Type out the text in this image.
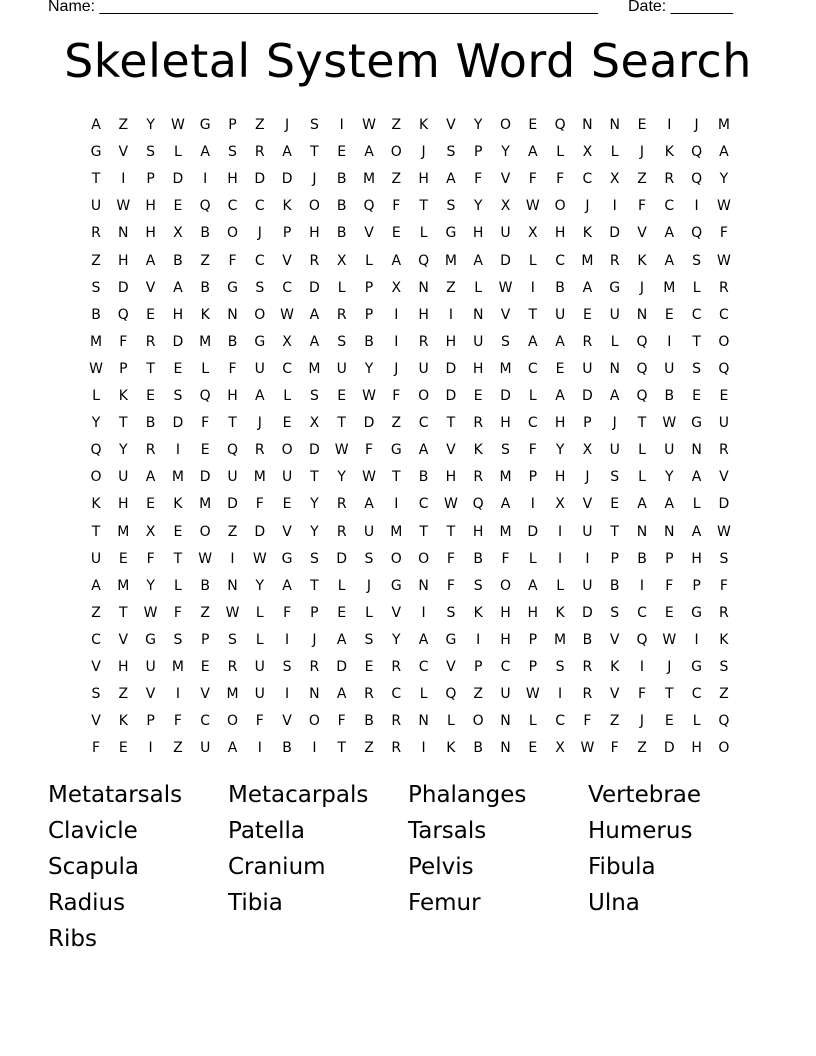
Name: ________________________________________________________ Date: _______
Skeletal System Word Search
A	Z	Y	W	G	P	Z	J	S	I	W	Z	K	V	Y	O	E	Q	N	N	E	I	J	M
G	V	S	L	A	S	R	A	T	E	A	O	J	S	P	Y	A	L	X	L	J	K	Q	A
T	I	P	D	I	H	D	D	J	B	M	Z	H	A	F	V	F	F	C	X	Z	R	Q	Y
U	W	H	E	Q	C	C	K	O	B	Q	F	T	S	Y	X	W	O	J	I	F	C	I	W
R	N	H	X	B	O	J	P	H	B	V	E	L	G	H	U	X	H	K	D	V	A	Q	F
Z	H	A	B	Z	F	C	V	R	X	L	A	Q	M	A	D	L	C	M	R	K	A	S	W
S	D	V	A	B	G	S	C	D	L	P	X	N	Z	L	W	I	B	A	G	J	M	L	R
B	Q	E	H	K	N	O	W	A	R	P	I	H	I	N	V	T	U	E	U	N	E	C	C
M	F	R	D	M	B	G	X	A	S	B	I	R	H	U	S	A	A	R	L	Q	I	T	O
W	P	T	E	L	F	U	C	M	U	Y	J	U	D	H	M	C	E	U	N	Q	U	S	Q
L	K	E	S	Q	H	A	L	S	E	W	F	O	D	E	D	L	A	D	A	Q	B	E	E
Y	T	B	D	F	T	J	E	X	T	D	Z	C	T	R	H	C	H	P	J	T	W	G	U
Q	Y	R	I	E	Q	R	O	D	W	F	G	A	V	K	S	F	Y	X	U	L	U	N	R
O	U	A	M	D	U	M	U	T	Y	W	T	B	H	R	M	P	H	J	S	L	Y	A	V
K	H	E	K	M	D	F	E	Y	R	A	I	C	W	Q	A	I	X	V	E	A	A	L	D
T	M	X	E	O	Z	D	V	Y	R	U	M	T	T	H	M	D	I	U	T	N	N	A	W
U	E	F	T	W	I	W	G	S	D	S	O	O	F	B	F	L	I	I	P	B	P	H	S
A	M	Y	L	B	N	Y	A	T	L	J	G	N	F	S	O	A	L	U	B	I	F	P	F
Z	T	W	F	Z	W	L	F	P	E	L	V	I	S	K	H	H	K	D	S	C	E	G	R
C	V	G	S	P	S	L	I	J	A	S	Y	A	G	I	H	P	M	B	V	Q	W	I	K
V	H	U	M	E	R	U	S	R	D	E	R	C	V	P	C	P	S	R	K	I	J	G	S
S	Z	V	I	V	M	U	I	N	A	R	C	L	Q	Z	U	W	I	R	V	F	T	C	Z
V	K	P	F	C	O	F	V	O	F	B	R	N	L	O	N	L	C	F	Z	J	E	L	Q
F	E	I	Z	U	A	I	B	I	T	Z	R	I	K	B	N	E	X	W	F	Z	D	H	O
Metatarsals	Metacarpals	Phalanges	Vertebrae
Clavicle	Patella	Tarsals	Humerus
Scapula	Cranium	Pelvis	Fibula
Radius	Tibia	Femur	Ulna
Ribs
